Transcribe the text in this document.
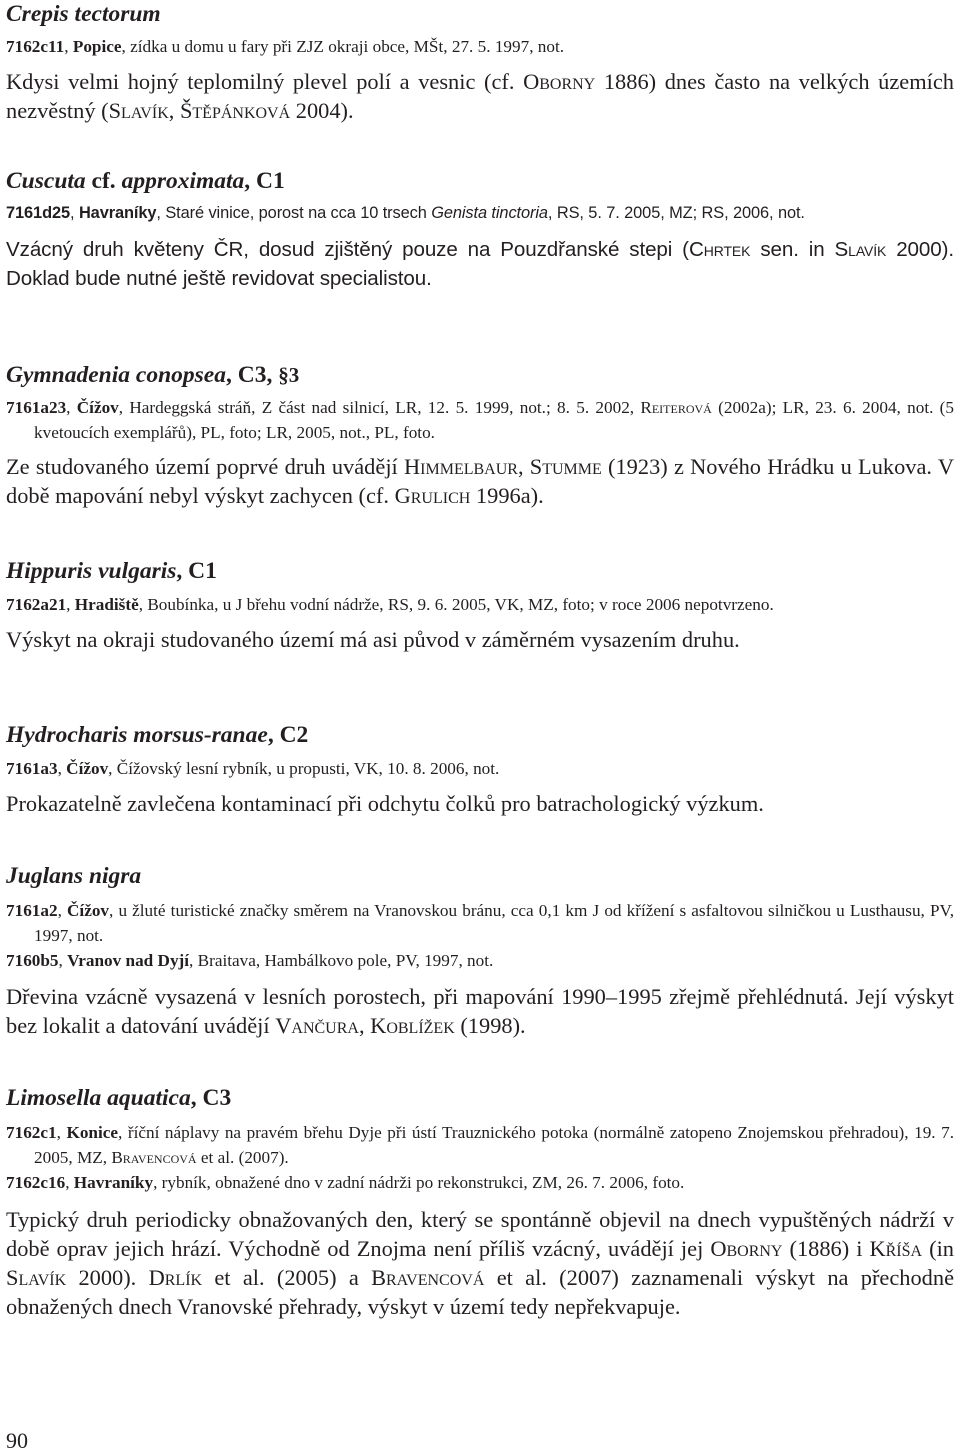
Crepis tectorum

7162c11, Popice, zídka u domu u fary při ZJZ okraji obce, MŠt, 27. 5. 1997, not.

Kdysi velmi hojný teplomilný plevel polí a vesnic (cf. Oborny 1886) dnes často na velkých územích nezvěstný (Slavík, Štěpánková 2004).

Cuscuta cf. approximata, C1

7161d25, Havraníky, Staré vinice, porost na cca 10 trsech Genista tinctoria, RS, 5. 7. 2005, MZ; RS, 2006, not.

Vzácný druh květeny ČR, dosud zjištěný pouze na Pouzdřanské stepi (Chrtek sen. in Slavík 2000). Doklad bude nutné ještě revidovat specialistou.

Gymnadenia conopsea, C3, §3

7161a23, Čížov, Hardeggská stráň, Z část nad silnicí, LR, 12. 5. 1999, not.; 8. 5. 2002, Reiterová (2002a); LR, 23. 6. 2004, not. (5 kvetoucích exemplářů), PL, foto; LR, 2005, not., PL, foto.

Ze studovaného území poprvé druh uvádějí Himmelbaur, Stumme (1923) z Nového Hrádku u Lukova. V době mapování nebyl výskyt zachycen (cf. Grulich 1996a).

Hippuris vulgaris, C1

7162a21, Hradiště, Boubínka, u J břehu vodní nádrže, RS, 9. 6. 2005, VK, MZ, foto; v roce 2006 nepotvrzeno.

Výskyt na okraji studovaného území má asi původ v záměrném vysazením druhu.

Hydrocharis morsus-ranae, C2

7161a3, Čížov, Čížovský lesní rybník, u propusti, VK, 10. 8. 2006, not.

Prokazatelně zavlečena kontaminací při odchytu čolků pro batrachologický výzkum.

Juglans nigra

7161a2, Čížov, u žluté turistické značky směrem na Vranovskou bránu, cca 0,1 km J od křížení s asfaltovou silničkou u Lusthausu, PV, 1997, not.

7160b5, Vranov nad Dyjí, Braitava, Hambálkovo pole, PV, 1997, not.

Dřevina vzácně vysazená v lesních porostech, při mapování 1990–1995 zřejmě přehlédnutá. Její výskyt bez lokalit a datování uvádějí Vančura, Koblížek (1998).

Limosella aquatica, C3

7162c1, Konice, říční náplavy na pravém břehu Dyje při ústí Trauznického potoka (normálně zatopeno Znojemskou přehradou), 19. 7. 2005, MZ, Bravencová et al. (2007).

7162c16, Havraníky, rybník, obnažené dno v zadní nádrži po rekonstrukci, ZM, 26. 7. 2006, foto.

Typický druh periodicky obnažovaných den, který se spontánně objevil na dnech vypuštěných nádrží v době oprav jejich hrází. Východně od Znojma není příliš vzácný, uvádějí jej Oborny (1886) i Kříša (in Slavík 2000). Drlík et al. (2005) a Bravencová et al. (2007) zaznamenali výskyt na přechodně obnažených dnech Vranovské přehrady, výskyt v území tedy nepřekvapuje.

90
